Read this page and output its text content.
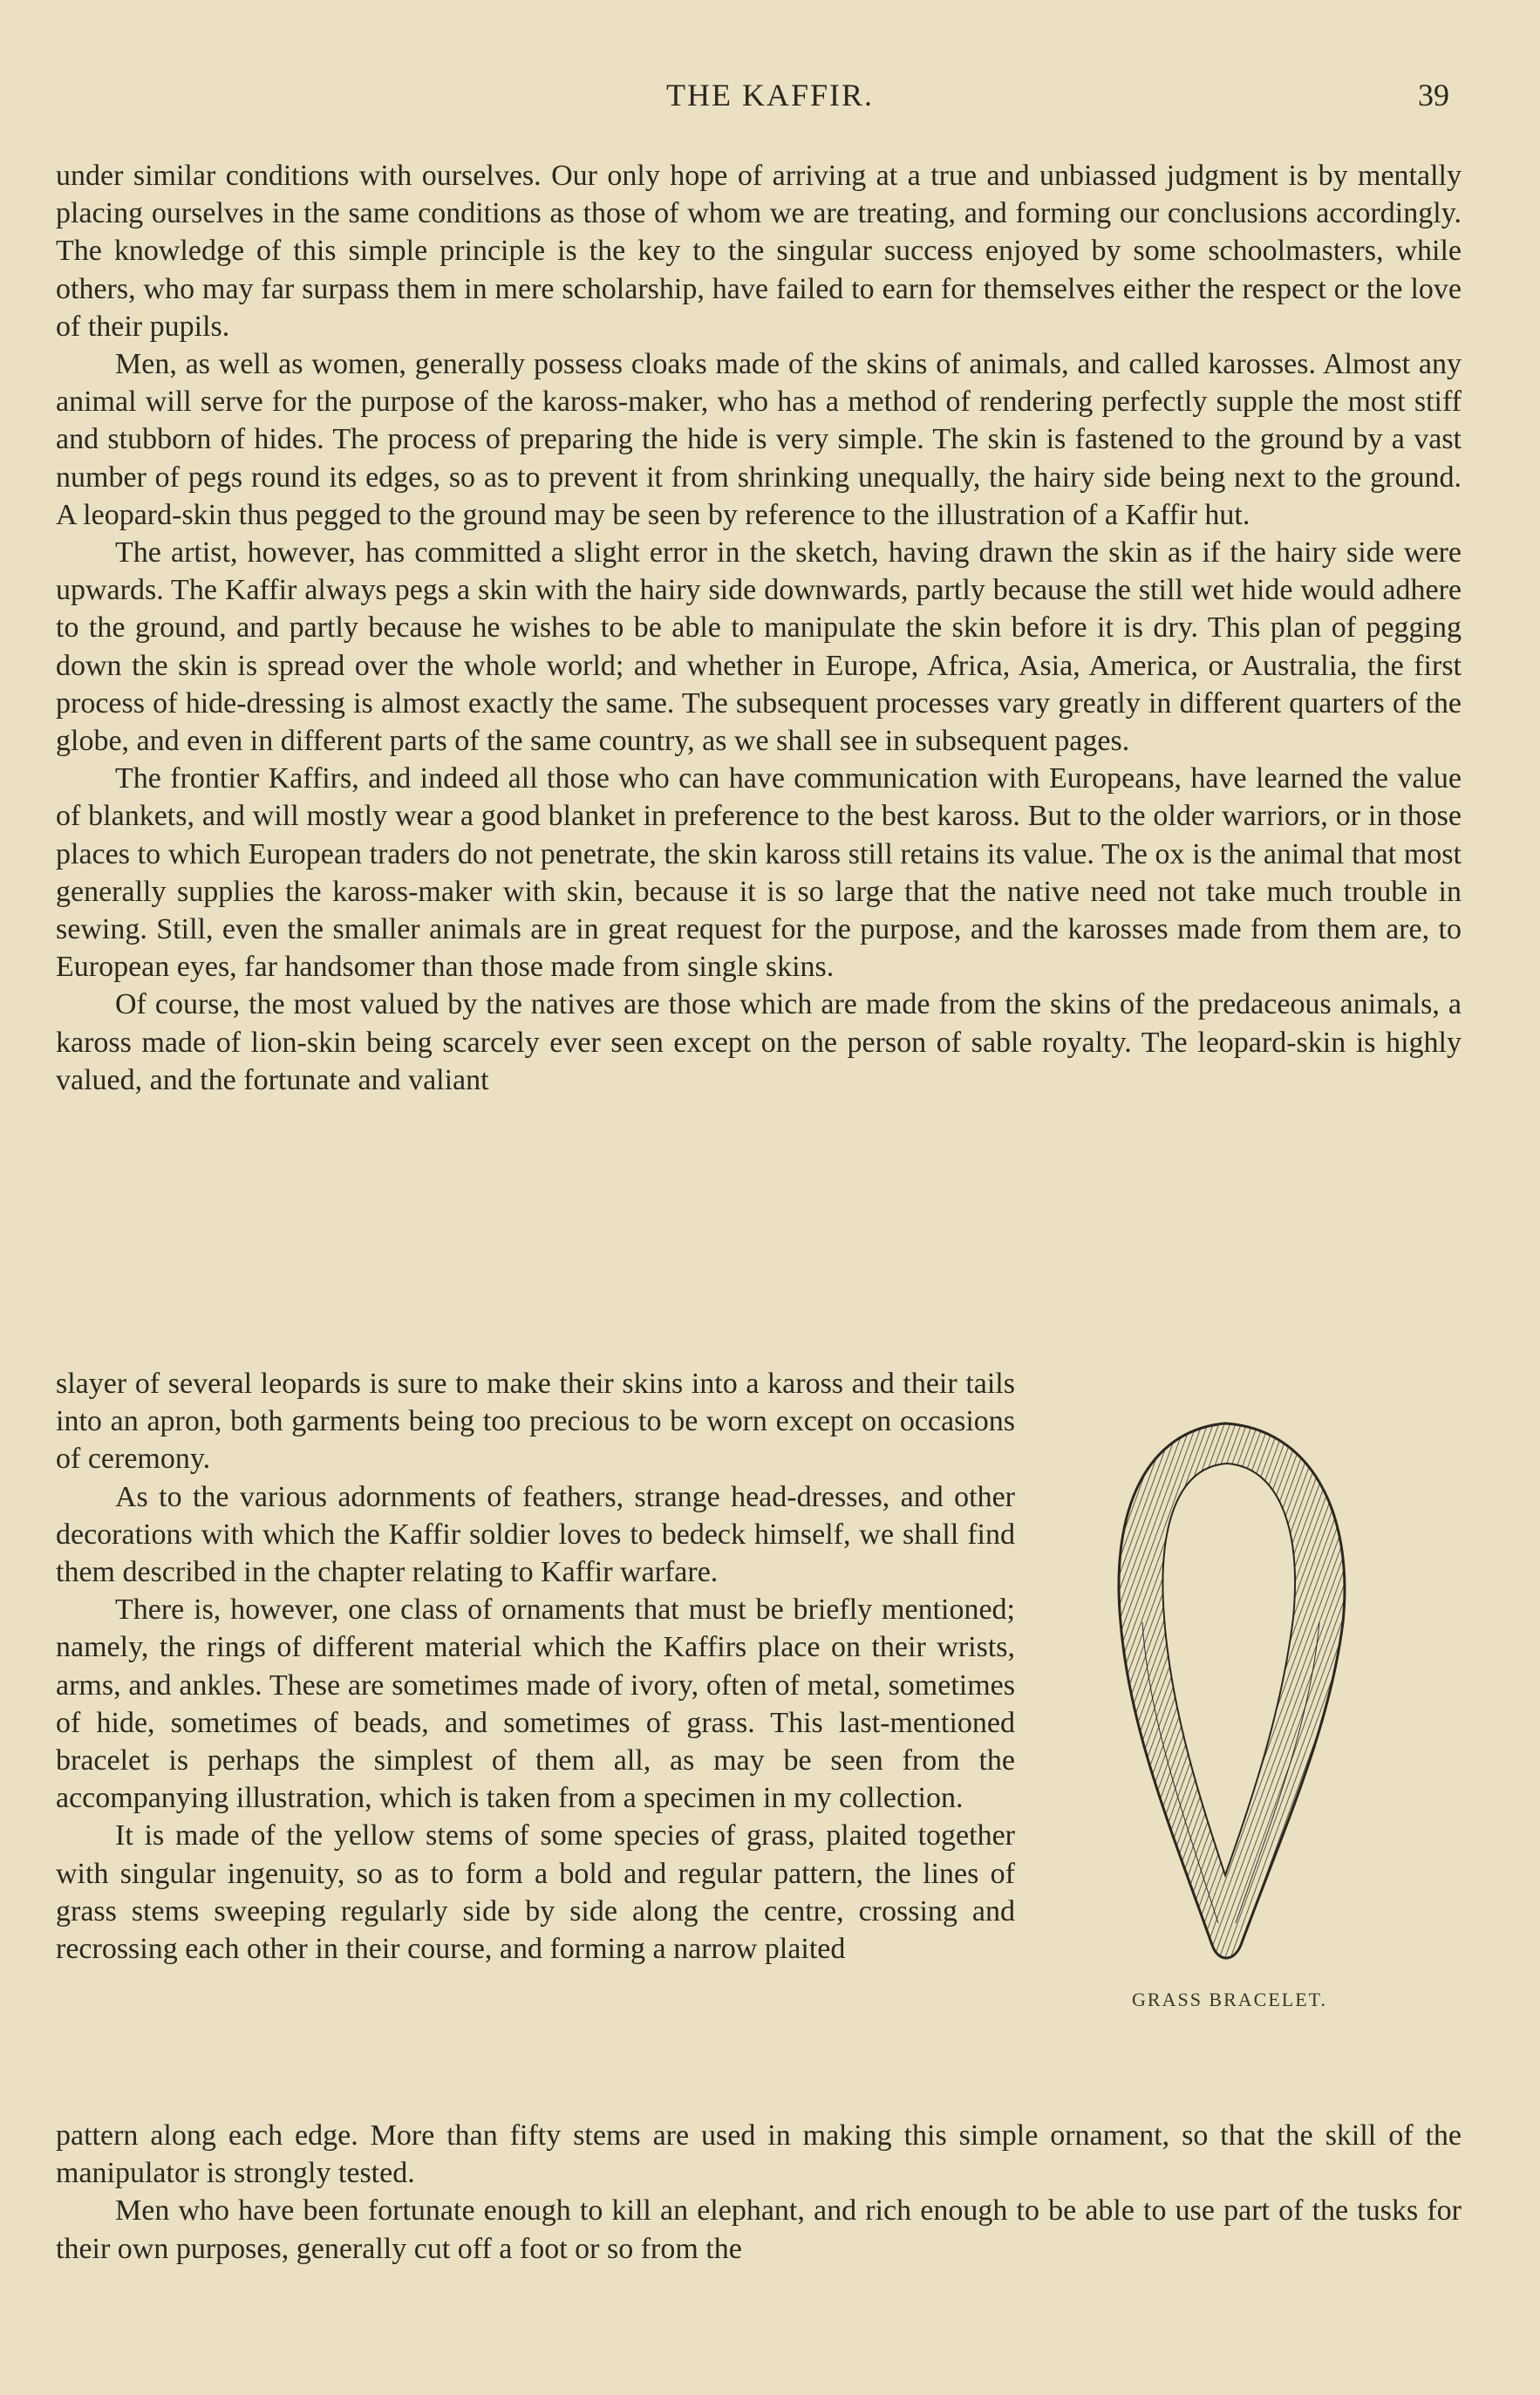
THE KAFFIR.	39

under similar conditions with ourselves. Our only hope of arriving at a true and unbiassed judgment is by mentally placing ourselves in the same conditions as those of whom we are treating, and forming our conclusions accordingly. The knowledge of this simple principle is the key to the singular success enjoyed by some schoolmasters, while others, who may far surpass them in mere scholarship, have failed to earn for themselves either the respect or the love of their pupils.

Men, as well as women, generally possess cloaks made of the skins of animals, and called karosses. Almost any animal will serve for the purpose of the kaross-maker, who has a method of rendering perfectly supple the most stiff and stubborn of hides. The process of preparing the hide is very simple. The skin is fastened to the ground by a vast number of pegs round its edges, so as to prevent it from shrinking unequally, the hairy side being next to the ground. A leopard-skin thus pegged to the ground may be seen by reference to the illustration of a Kaffir hut.

The artist, however, has committed a slight error in the sketch, having drawn the skin as if the hairy side were upwards. The Kaffir always pegs a skin with the hairy side downwards, partly because the still wet hide would adhere to the ground, and partly because he wishes to be able to manipulate the skin before it is dry. This plan of pegging down the skin is spread over the whole world; and whether in Europe, Africa, Asia, America, or Australia, the first process of hide-dressing is almost exactly the same. The subsequent processes vary greatly in different quarters of the globe, and even in different parts of the same country, as we shall see in subsequent pages.

The frontier Kaffirs, and indeed all those who can have communication with Europeans, have learned the value of blankets, and will mostly wear a good blanket in preference to the best kaross. But to the older warriors, or in those places to which European traders do not penetrate, the skin kaross still retains its value. The ox is the animal that most generally supplies the kaross-maker with skin, because it is so large that the native need not take much trouble in sewing. Still, even the smaller animals are in great request for the purpose, and the karosses made from them are, to European eyes, far handsomer than those made from single skins.

Of course, the most valued by the natives are those which are made from the skins of the predaceous animals, a kaross made of lion-skin being scarcely ever seen except on the person of sable royalty. The leopard-skin is highly valued, and the fortunate and valiant

slayer of several leopards is sure to make their skins into a kaross and their tails into an apron, both garments being too precious to be worn except on occasions of ceremony.

As to the various adornments of feathers, strange head-dresses, and other decorations with which the Kaffir soldier loves to bedeck himself, we shall find them described in the chapter relating to Kaffir warfare.

There is, however, one class of ornaments that must be briefly mentioned; namely, the rings of different material which the Kaffirs place on their wrists, arms, and ankles. These are sometimes made of ivory, often of metal, sometimes of hide, sometimes of beads, and sometimes of grass. This last-mentioned bracelet is perhaps the simplest of them all, as may be seen from the accompanying illustration, which is taken from a specimen in my collection.

It is made of the yellow stems of some species of grass, plaited together with singular ingenuity, so as to form a bold and regular pattern, the lines of grass stems sweeping regularly side by side along the centre, crossing and recrossing each other in their course, and forming a narrow plaited

GRASS BRACELET.

pattern along each edge. More than fifty stems are used in making this simple ornament, so that the skill of the manipulator is strongly tested.

Men who have been fortunate enough to kill an elephant, and rich enough to be able to use part of the tusks for their own purposes, generally cut off a foot or so from the
